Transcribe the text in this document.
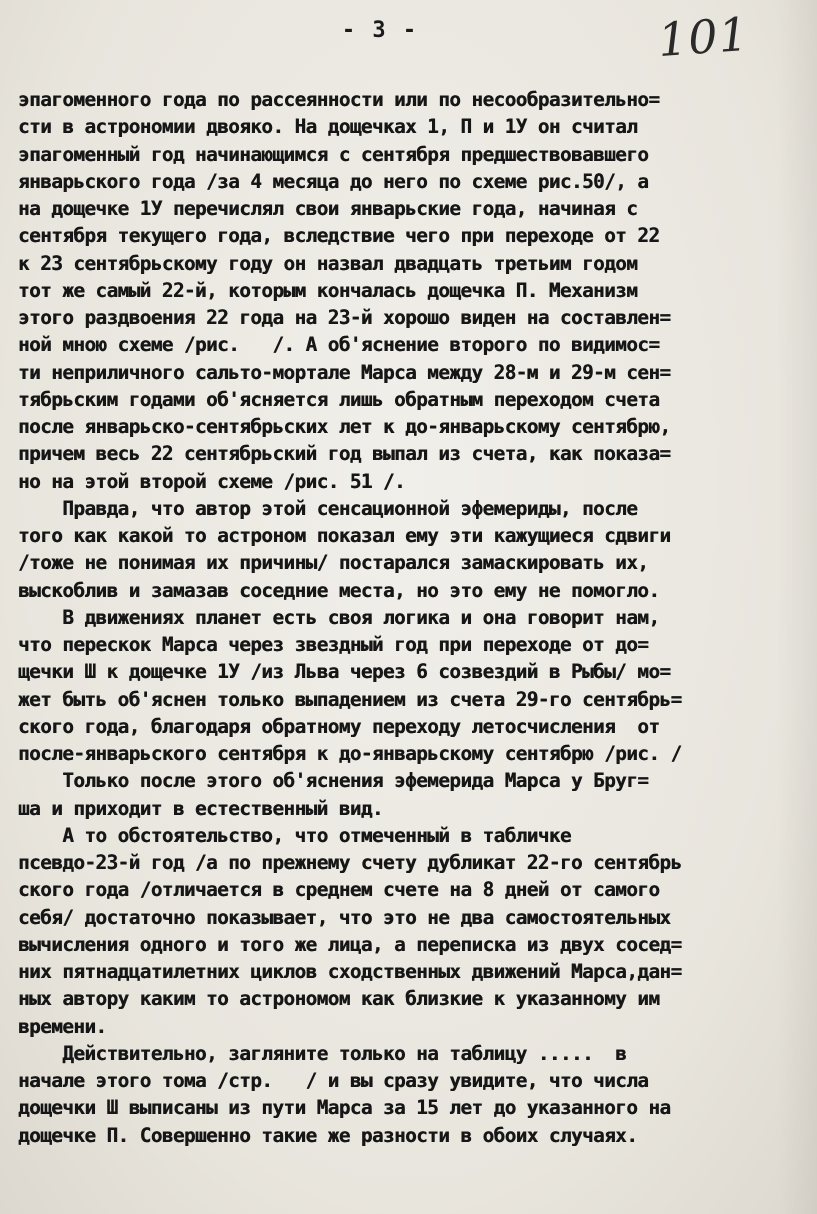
- 3 -	101
эпагоменного года по рассеянности или по несообразительно=
сти в астрономии двояко. На дощечках 1, П и 1У он считал
эпагоменный год начинающимся с сентября предшествовавшего
январьского года /за 4 месяца до него по схеме рис.50/, а
на дощечке 1У перечислял свои январьские года, начиная с
сентября текущего года, вследствие чего при переходе от 22
к 23 сентябрьскому году он назвал двадцать третьим годом
тот же самый 22-й, которым кончалась дощечка П. Механизм
этого раздвоения 22 года на 23-й хорошо виден на составлен=
ной мною схеме /рис.   /. А об'яснение второго по видимос=
ти неприличного сальто-мортале Марса между 28-м и 29-м сен=
тябрьским годами об'ясняется лишь обратным переходом счета
после январьско-сентябрьских лет к до-январьскому сентябрю,
причем весь 22 сентябрьский год выпал из счета, как показа=
но на этой второй схеме /рис. 51 /.
Правда, что автор этой сенсационной эфемериды, после
того как какой то астроном показал ему эти кажущиеся сдвиги
/тоже не понимая их причины/ постарался замаскировать их,
выскоблив и замазав соседние места, но это ему не помогло.
В движениях планет есть своя логика и она говорит нам,
что перескок Марса через звездный год при переходе от до=
щечки Ш к дощечке 1У /из Льва через 6 созвездий в Рыбы/ мо=
жет быть об'яснен только выпадением из счета 29-го сентябрь=
ского года, благодаря обратному переходу летосчисления  от
после-январьского сентября к до-январьскому сентябрю /рис. /
Только после этого об'яснения эфемерида Марса у Бруг=
ша и приходит в естественный вид.
А то обстоятельство, что отмеченный в табличке
псевдо-23-й год /а по прежнему счету дубликат 22-го сентябрь
ского года /отличается в среднем счете на 8 дней от самого
себя/ достаточно показывает, что это не два самостоятельных
вычисления одного и того же лица, а переписка из двух сосед=
них пятнадцатилетних циклов сходственных движений Марса,дан=
ных автору каким то астрономом как близкие к указанному им
времени.
Действительно, загляните только на таблицу .....  в
начале этого тома /стр.   / и вы сразу увидите, что числа
дощечки Ш выписаны из пути Марса за 15 лет до указанного на
дощечке П. Совершенно такие же разности в обоих случаях.
